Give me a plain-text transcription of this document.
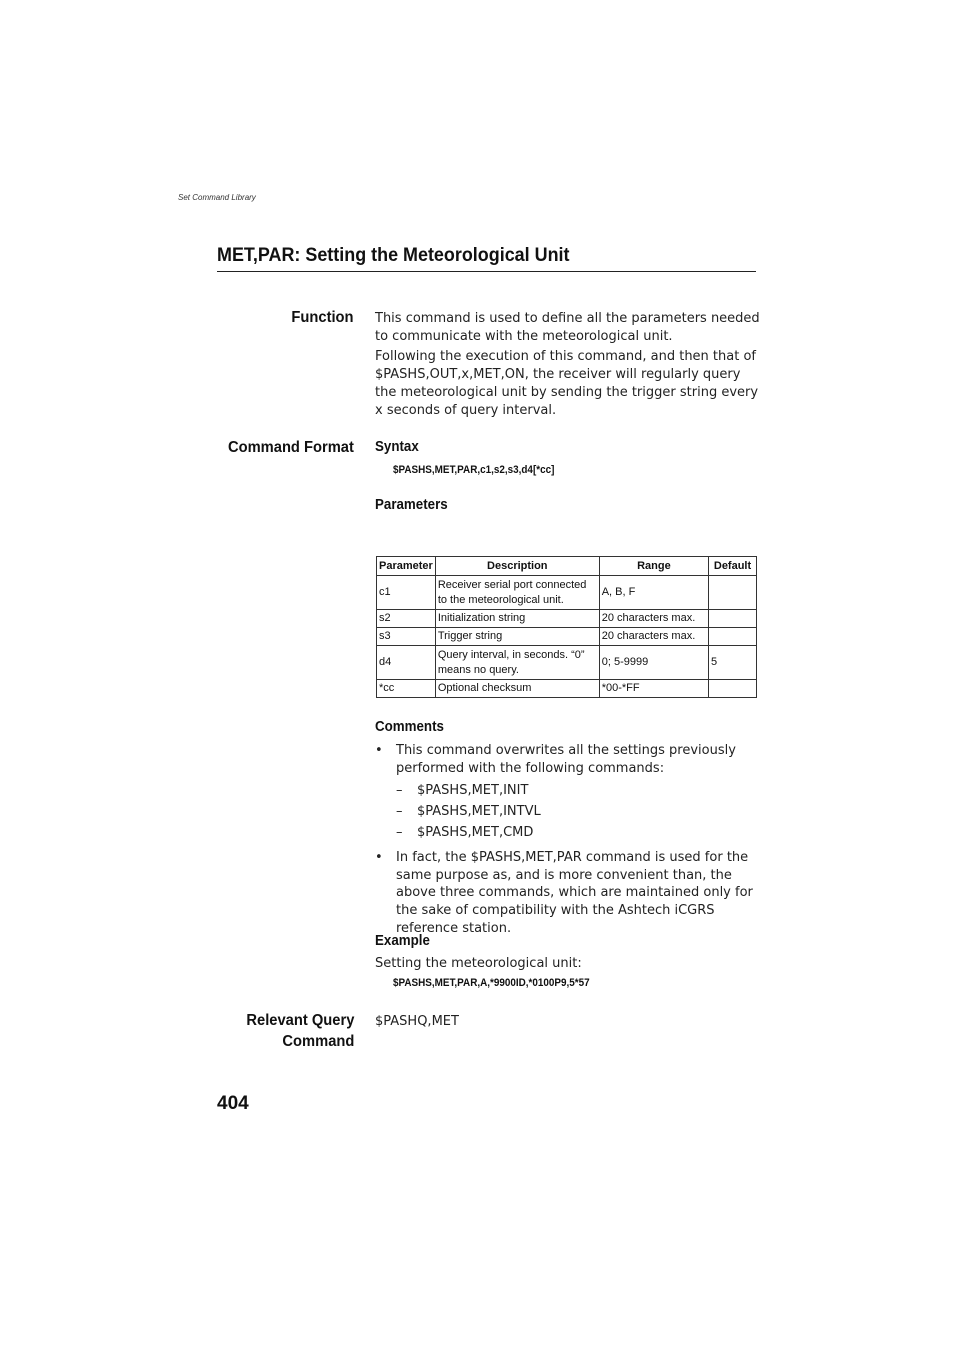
Set Command Library
MET,PAR: Setting the Meteorological Unit
Function This command is used to define all the parameters needed to communicate with the meteorological unit.

Following the execution of this command, and then that of $PASHS,OUT,x,MET,ON, the receiver will regularly query the meteorological unit by sending the trigger string every x seconds of query interval.

Command Format Syntax
$PASHS,MET,PAR,c1,s2,s3,d4[*cc]
Parameters
Parameter	Description	Range	Default
c1	Receiver serial port connected to the meteorological unit.	A, B, F	
s2	Initialization string	20 characters max.	
s3	Trigger string	20 characters max.	
d4	Query interval, in seconds. “0” means no query.	0; 5-9999	5
*cc	Optional checksum	*00-*FF	
Comments
• This command overwrites all the settings previously performed with the following commands:
– $PASHS,MET,INIT
– $PASHS,MET,INTVL
– $PASHS,MET,CMD
• In fact, the $PASHS,MET,PAR command is used for the same purpose as, and is more convenient than, the above three commands, which are maintained only for the sake of compatibility with the Ashtech iCGRS reference station.
Example
Setting the meteorological unit:
$PASHS,MET,PAR,A,*9900ID,*0100P9,5*57
Relevant Query
Command
$PASHQ,MET
404
